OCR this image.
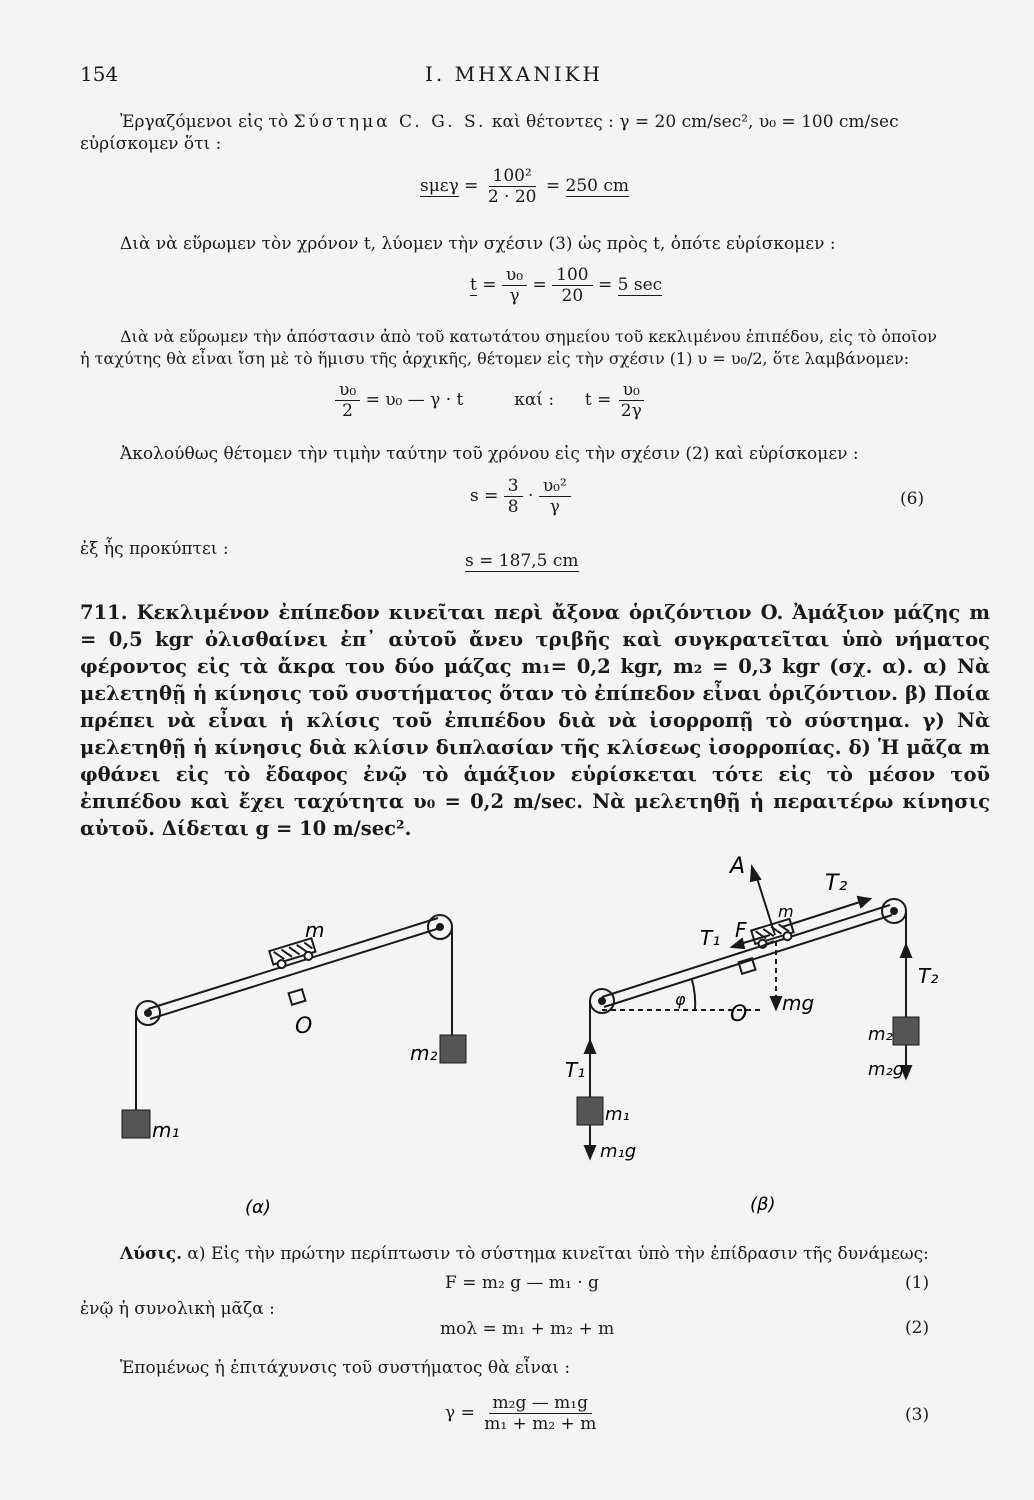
154	I. ΜΗΧΑΝΙΚΗ
Ἐργαζόμενοι εἰς τὸ Σύστημα C. G. S. καὶ θέτοντες : γ = 20 cm/sec², υ₀ = 100 cm/sec
εὑρίσκομεν ὅτι :
$s\mu\varepsilon\gamma = \frac{\text{100²}}{2 \cdot 20} = 250$ cm
Διὰ νὰ εὕρωμεν τὸν χρόνον t, λύομεν τὴν σχέσιν (3) ὡς πρὸς t, ὁπότε εὑρίσκομεν :
$t = \frac{\text{υ₀}}{\gamma} = \frac{100}{20} = 5$ sec
Διὰ νὰ εὕρωμεν τὴν ἀπόστασιν ἀπὸ τοῦ κατωτάτου σημείου τοῦ κεκλιμένου ἐπιπέδου, εἰς τὸ ὁποῖον
ἡ ταχύτης θὰ εἶναι ἴση μὲ τὸ ἥμισυ τῆς ἀρχικῆς, θέτομεν εἰς τὴν σχέσιν (1) υ = υ₀/2, ὅτε λαμβάνομεν:
$\frac{\text{υ₀}}{2} = \upsilon_0$ — γ · t	καί : $t = \frac{\text{υ₀}}{2\gamma}$
Ἀκολούθως θέτομεν τὴν τιμὴν ταύτην τοῦ χρόνου εἰς τὴν σχέσιν (2) καὶ εὑρίσκομεν :
$s = \frac{3}{8} \cdot \frac{\text{υ₀²}}{\gamma}$	(6)
ἐξ ἧς προκύπτει :
s = 187,5 cm
711. Κεκλιμένον ἐπίπεδον κινεῖται περὶ ἄξονα ὁριζόντιον O. Ἀμάξιον μάζης m = 0,5 kgr ὀλισθαίνει ἐπ᾽ αὐτοῦ ἄνευ τριβῆς καὶ συγκρατεῖται ὑπὸ νήματος φέροντος εἰς τὰ ἄκρα του δύο μάζας m₁= 0,2 kgr, m₂ = 0,3 kgr (σχ. α). α) Νὰ μελετηθῇ ἡ κίνησις τοῦ συστήματος ὅταν τὸ ἐπίπεδον εἶναι ὁριζόντιον. β) Ποία πρέπει νὰ εἶναι ἡ κλίσις τοῦ ἐπιπέδου διὰ νὰ ἰσορροπῇ τὸ σύστημα. γ) Νὰ μελετηθῇ ἡ κίνησις διὰ κλίσιν διπλασίαν τῆς κλίσεως ἰσορροπίας. δ) Ἡ μᾶζα m φθάνει εἰς τὸ ἔδαφος ἐνῷ τὸ ἁμάξιον εὑρίσκεται τότε εἰς τὸ μέσον τοῦ ἐπιπέδου καὶ ἔχει ταχύτητα υ₀ = 0,2 m/sec. Νὰ μελετηθῇ ἡ περαιτέρω κίνησις αὐτοῦ. Δίδεται g = 10 m/sec².
m
O
m₁
m₂
(α)
A
T₂
m
T₁ F
φ
O mg
T₂
m₂
m₂g
T₁
m₁
m₁g
(β)
Λύσις. α) Εἰς τὴν πρώτην περίπτωσιν τὸ σύστημα κινεῖται ὑπὸ τὴν ἐπίδρασιν τῆς δυνάμεως:
F = m₂ g — m₁ · g	(1)
ἐνῷ ἡ συνολικὴ μᾶζα :
mολ = m₁ + m₂ + m	(2)
Ἑπομένως ἡ ἐπιτάχυνσις τοῦ συστήματος θὰ εἶναι :
$\gamma = \frac{\text{m₂g — m₁g}}{\text{m₁ + m₂ + m}}$	(3)
